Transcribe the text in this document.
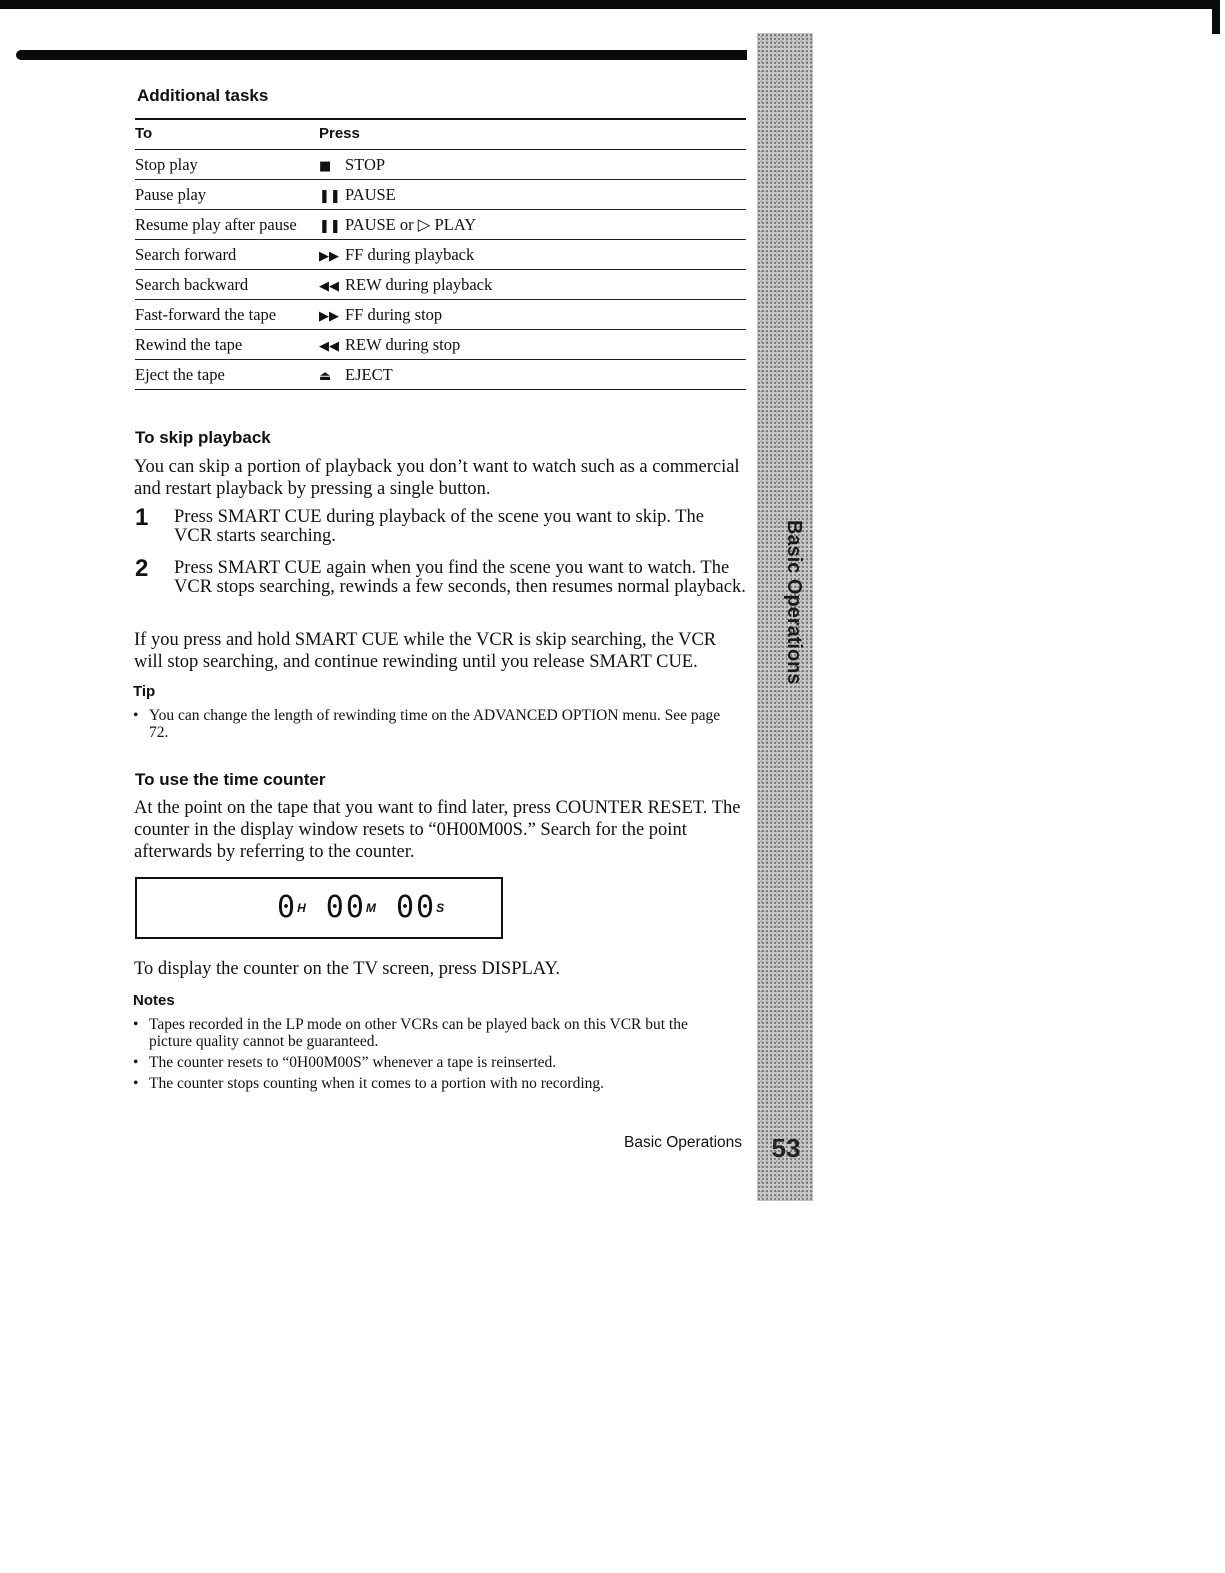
Additional tasks
To	Press
Stop play	■ STOP
Pause play	❚❚ PAUSE
Resume play after pause	❚❚ PAUSE or ▷ PLAY
Search forward	▶▶ FF during playback
Search backward	◀◀ REW during playback
Fast-forward the tape	▶▶ FF during stop
Rewind the tape	◀◀ REW during stop
Eject the tape	⏏ EJECT
To skip playback

You can skip a portion of playback you don’t want to watch such as a commercial and restart playback by pressing a single button.

1 Press SMART CUE during playback of the scene you want to skip. The VCR starts searching.

2 Press SMART CUE again when you find the scene you want to watch. The VCR stops searching, rewinds a few seconds, then resumes normal playback.

If you press and hold SMART CUE while the VCR is skip searching, the VCR will stop searching, and continue rewinding until you release SMART CUE.

Tip

• You can change the length of rewinding time on the ADVANCED OPTION menu. See page 72.
To use the time counter

At the point on the tape that you want to find later, press COUNTER RESET. The counter in the display window resets to “0H00M00S.” Search for the point afterwards by referring to the counter.

0H 00M 00S

To display the counter on the TV screen, press DISPLAY.

Notes

• Tapes recorded in the LP mode on other VCRs can be played back on this VCR but the picture quality cannot be guaranteed.
• The counter resets to “0H00M00S” whenever a tape is reinserted.
• The counter stops counting when it comes to a portion with no recording.
Basic Operations
Basic Operations
53
